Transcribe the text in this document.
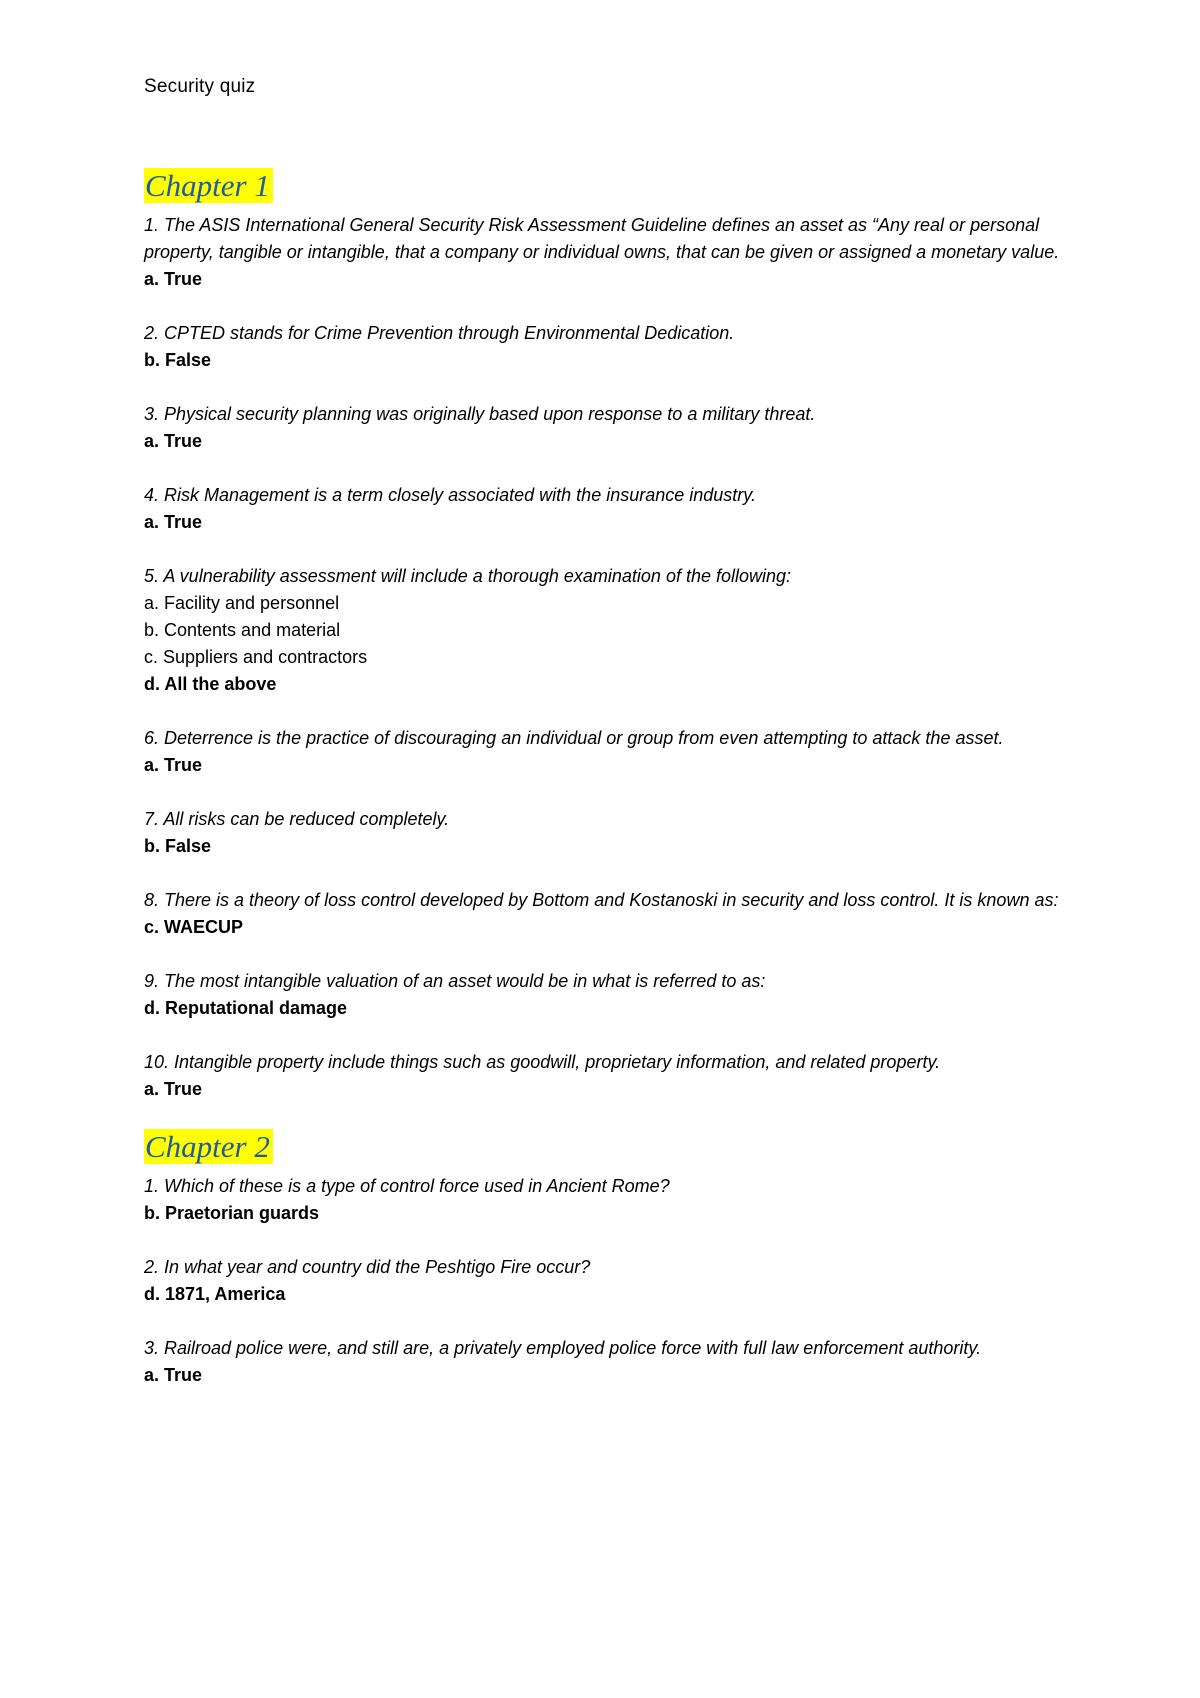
Security quiz
Chapter 1

1. The ASIS International General Security Risk Assessment Guideline defines an asset as “Any real or personal property, tangible or intangible, that a company or individual owns, that can be given or assigned a monetary value.

a. True

2. CPTED stands for Crime Prevention through Environmental Dedication.

b. False

3. Physical security planning was originally based upon response to a military threat.

a. True

4. Risk Management is a term closely associated with the insurance industry.

a. True

5. A vulnerability assessment will include a thorough examination of the following:

a. Facility and personnel

b. Contents and material

c. Suppliers and contractors

d. All the above

6. Deterrence is the practice of discouraging an individual or group from even attempting to attack the asset.

a. True

7. All risks can be reduced completely.

b. False

8. There is a theory of loss control developed by Bottom and Kostanoski in security and loss control. It is known as:

c. WAECUP

9. The most intangible valuation of an asset would be in what is referred to as:

d. Reputational damage

10. Intangible property include things such as goodwill, proprietary information, and related property.

a. True

Chapter 2

1. Which of these is a type of control force used in Ancient Rome?

b. Praetorian guards

2. In what year and country did the Peshtigo Fire occur?

d. 1871, America

3. Railroad police were, and still are, a privately employed police force with full law enforcement authority.

a. True
